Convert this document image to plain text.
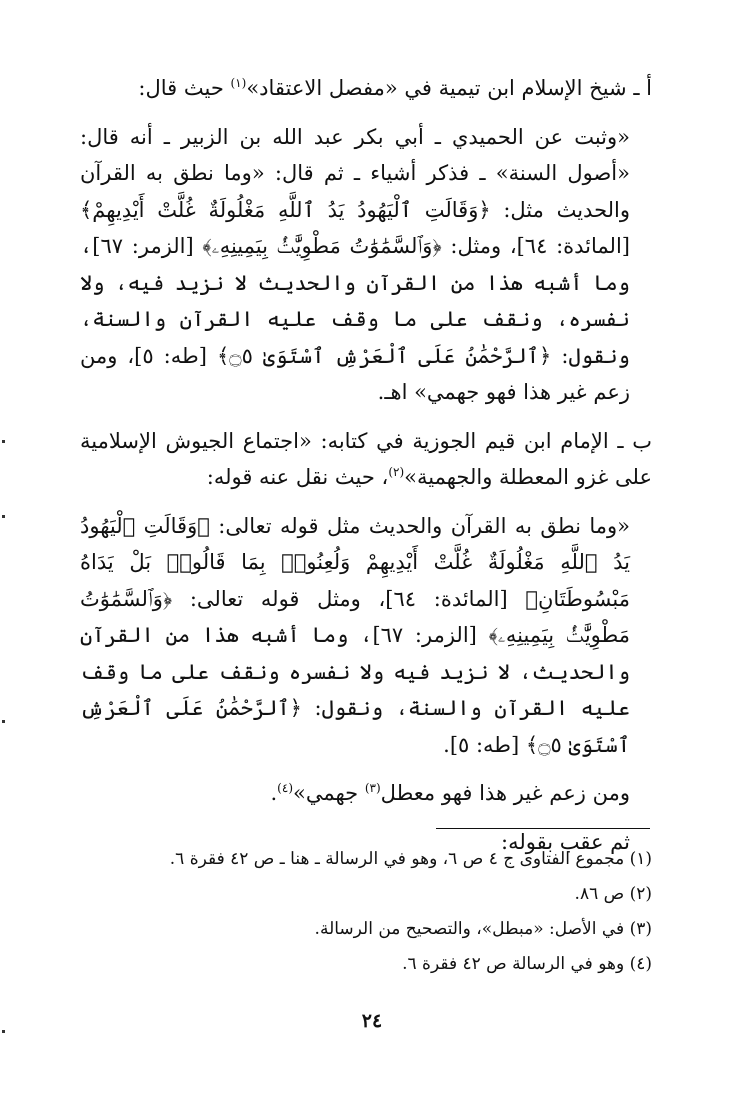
أ ـ شيخ الإسلام ابن تيمية في «مفصل الاعتقاد»$^{(١)}$ حيث قال:

«وثبت عن الحميدي ـ أبي بكر عبد الله بن الزبير ـ أنه قال: «أصول السنة» ـ فذكر أشياء ـ ثم قال: «وما نطق به القرآن والحديث مثل: ﴿وَقَالَتِ ٱلْيَهُودُ يَدُ ٱللَّهِ مَغْلُولَةٌ غُلَّتْ أَيْدِيهِمْ﴾ [المائدة: ٦٤]، ومثل: ﴿وَٱلسَّمَٰوَٰتُ مَطْوِيَّٰتُۢ بِيَمِينِهِۦ﴾ [الزمر: ٦٧]، وما أشبه هذا من القرآن والحديث لا نزيد فيه، ولا نفسره، ونقف على ما وقف عليه القرآن والسنة، ونقول: ﴿ٱلرَّحْمَٰنُ عَلَى ٱلْعَرْشِ ٱسْتَوَىٰ ۝٥﴾ [طه: ٥]، ومن زعم غير هذا فهو جهمي» اهـ.

ب ـ الإمام ابن قيم الجوزية في كتابه: «اجتماع الجيوش الإسلامية على غزو المعطلة والجهمية»$^{(٢)}$، حيث نقل عنه قوله:

«وما نطق به القرآن والحديث مثل قوله تعالى: ﴿وَقَالَتِ ٱلْيَهُودُ يَدُ ٱللَّهِ مَغْلُولَةٌ غُلَّتْ أَيْدِيهِمْ وَلُعِنُوا۟ بِمَا قَالُوا۟ بَلْ يَدَاهُ مَبْسُوطَتَانِ﴾ [المائدة: ٦٤]، ومثل قوله تعالى: ﴿وَٱلسَّمَٰوَٰتُ مَطْوِيَّٰتُۢ بِيَمِينِهِۦ﴾ [الزمر: ٦٧]، وما أشبه هذا من القرآن والحديث، لا نزيد فيه ولا نفسره ونقف على ما وقف عليه القرآن والسنة، ونقول: ﴿ٱلرَّحْمَٰنُ عَلَى ٱلْعَرْشِ ٱسْتَوَىٰ ۝٥﴾ [طه: ٥].

ومن زعم غير هذا فهو معطل$^{(٣)}$ جهمي»$^{(٤)}$.

ثم عقب بقوله:

(١) مجموع الفتاوى ج ٤ ص ٦، وهو في الرسالة ـ هنا ـ ص ٤٢ فقرة ٦.

(٢) ص ٨٦.

(٣) في الأصل: «مبطل»، والتصحيح من الرسالة.

(٤) وهو في الرسالة ص ٤٢ فقرة ٦.

٢٤
